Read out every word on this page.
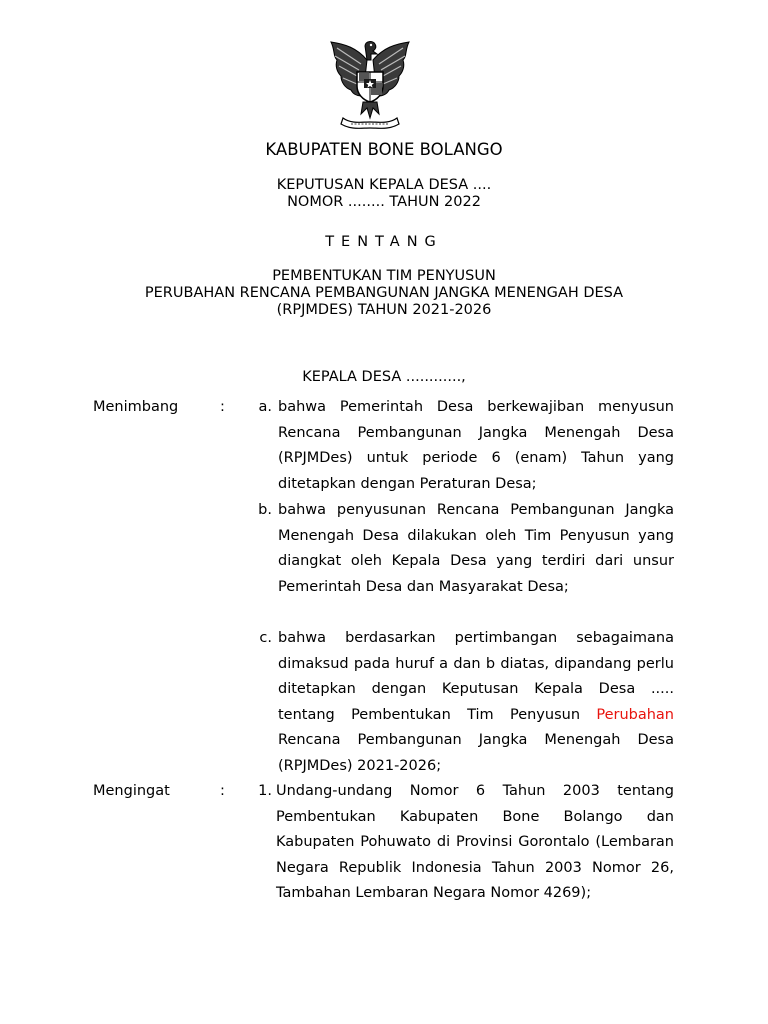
KABUPATEN BONE BOLANGO
KEPUTUSAN KEPALA DESA ....
NOMOR ........ TAHUN 2022
TENTANG
PEMBENTUKAN TIM PENYUSUN
PERUBAHAN RENCANA PEMBANGUNAN JANGKA MENENGAH DESA
(RPJMDES) TAHUN 2021-2026
KEPALA DESA ............,
Menimbang	:	a. bahwa Pemerintah Desa berkewajiban menyusun Rencana Pembangunan Jangka Menengah Desa (RPJMDes) untuk periode 6 (enam) Tahun yang ditetapkan dengan Peraturan Desa;
b. bahwa penyusunan Rencana Pembangunan Jangka Menengah Desa dilakukan oleh Tim Penyusun yang diangkat oleh Kepala Desa yang terdiri dari unsur Pemerintah Desa dan Masyarakat Desa;
c. bahwa berdasarkan pertimbangan sebagaimana dimaksud pada huruf a dan b diatas, dipandang perlu ditetapkan dengan Keputusan Kepala Desa ..... tentang Pembentukan Tim Penyusun Perubahan Rencana Pembangunan Jangka Menengah Desa (RPJMDes) 2021-2026;
Mengingat	:	1. Undang-undang Nomor 6 Tahun 2003 tentang Pembentukan Kabupaten Bone Bolango dan Kabupaten Pohuwato di Provinsi Gorontalo (Lembaran Negara Republik Indonesia Tahun 2003 Nomor 26, Tambahan Lembaran Negara Nomor 4269);
